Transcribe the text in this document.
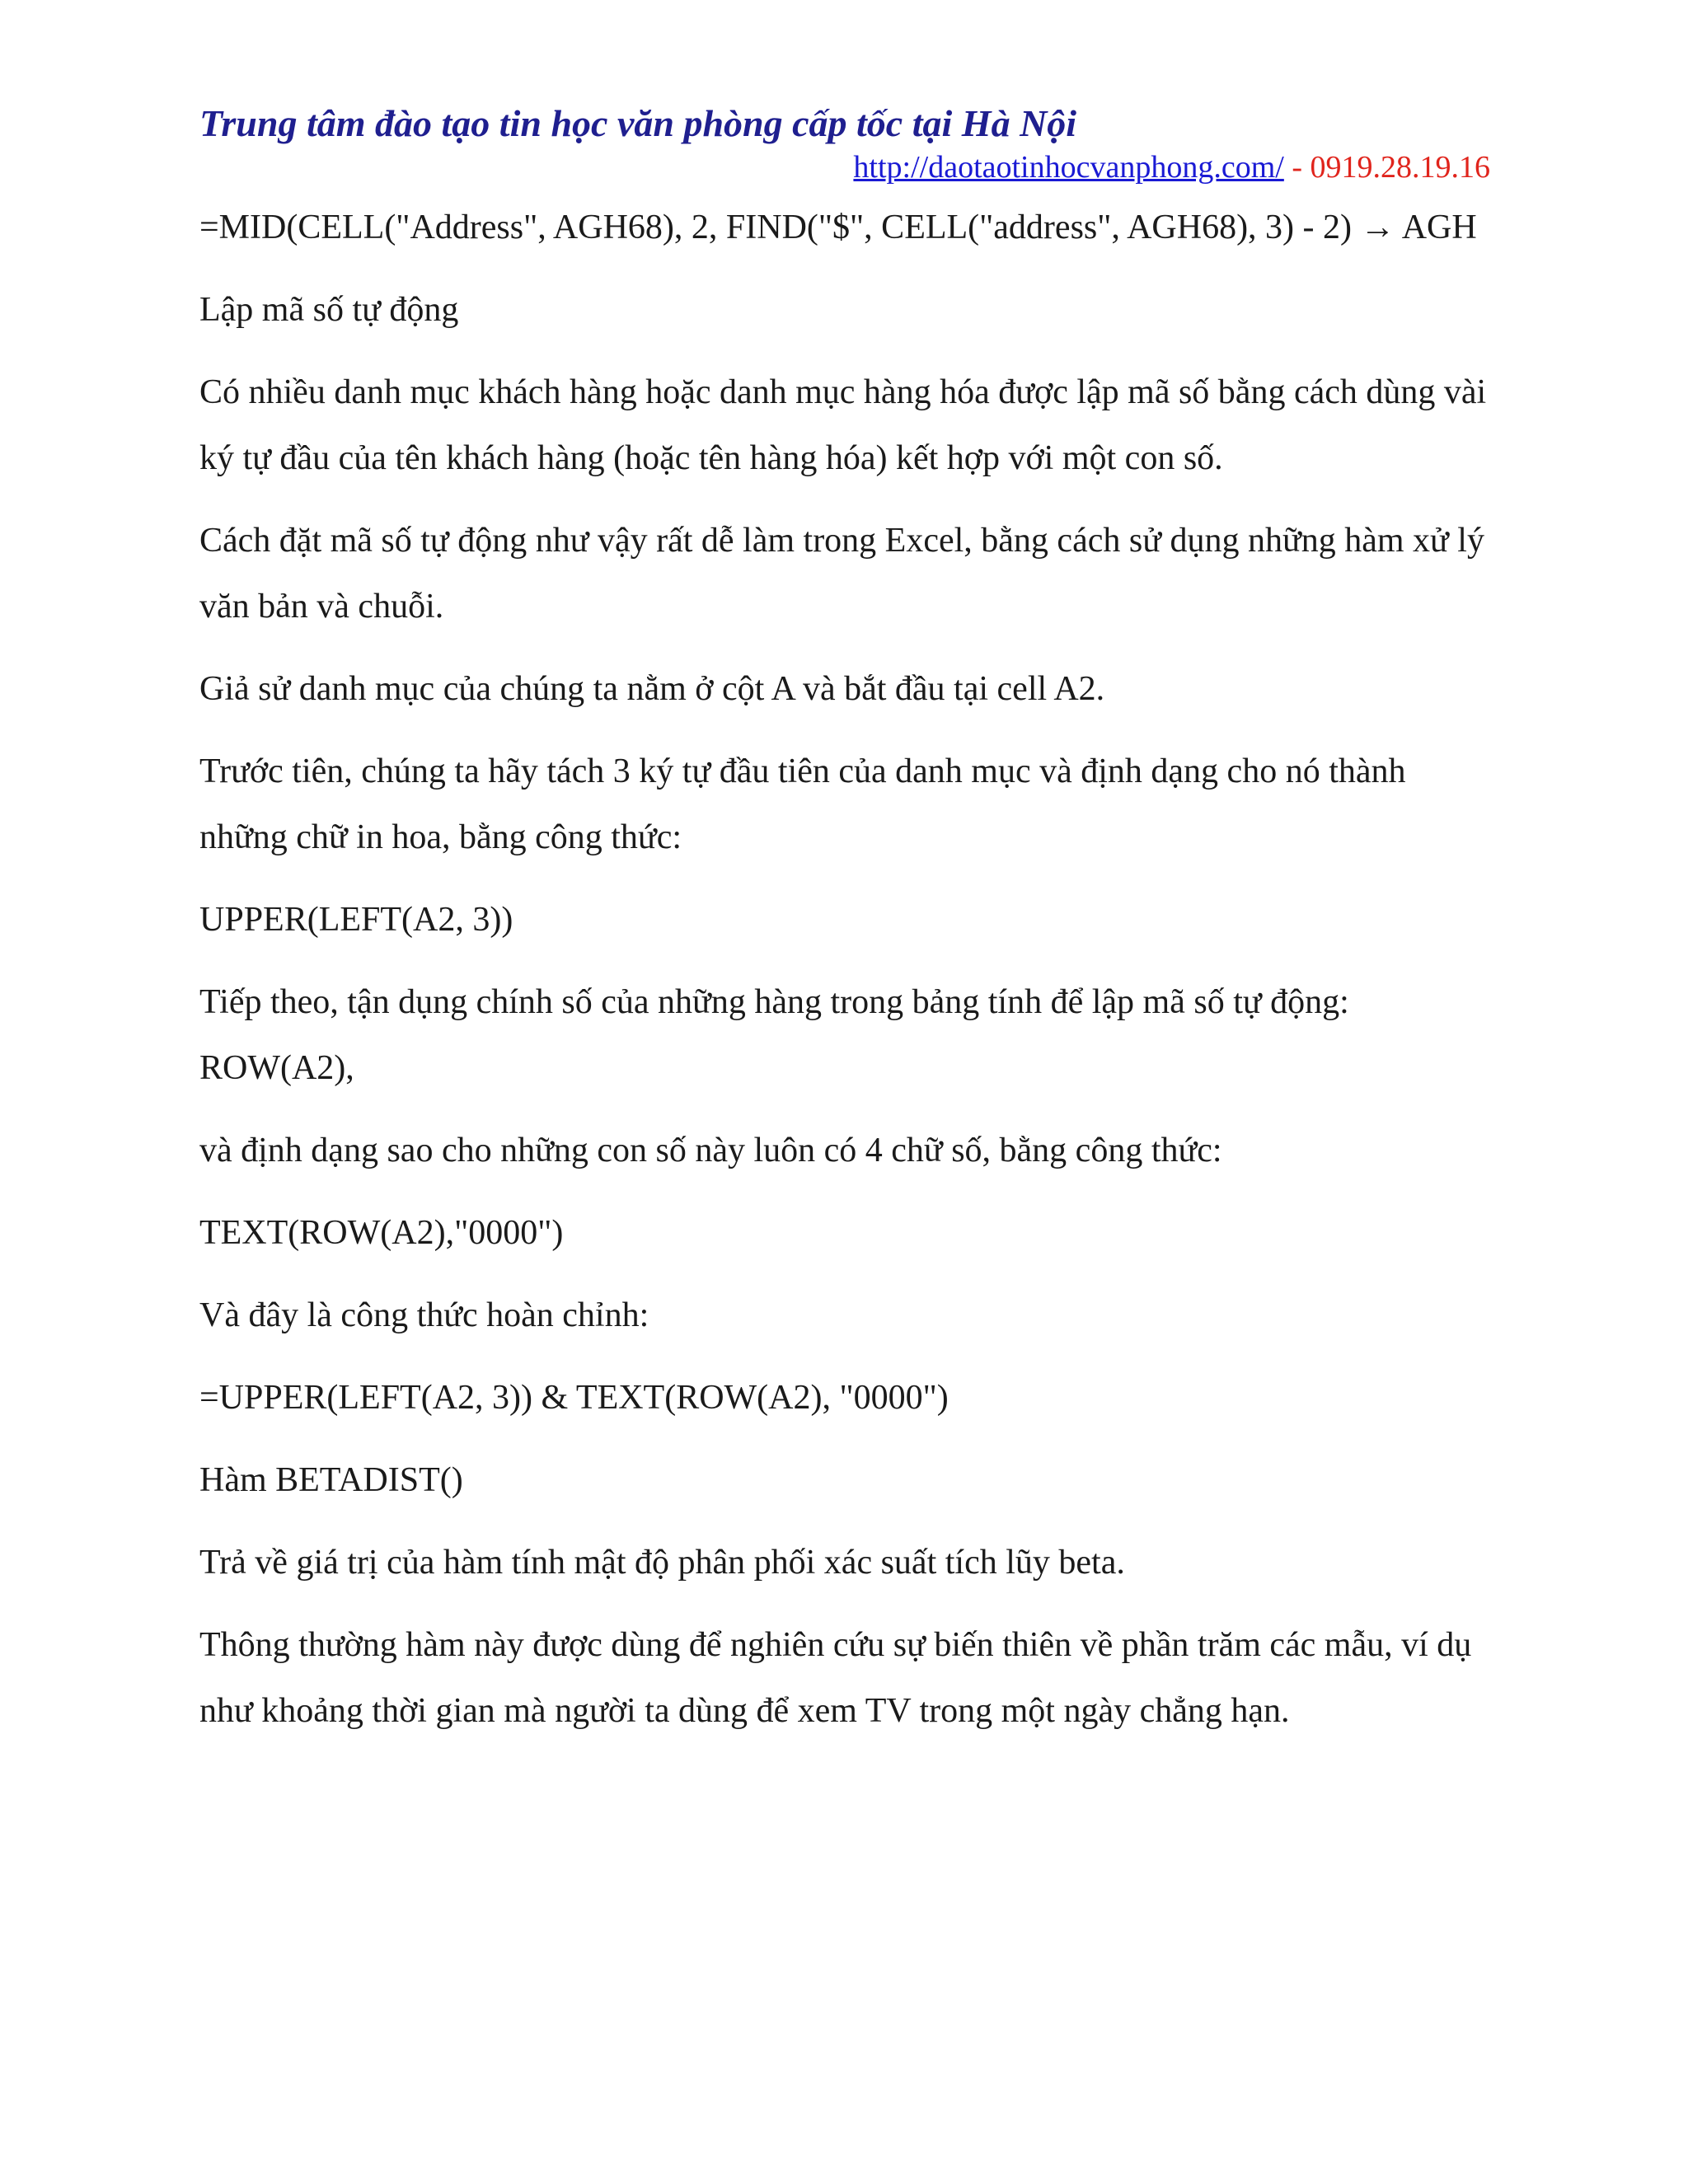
Trung tâm đào tạo tin học văn phòng cấp tốc tại Hà Nội
http://daotaotinhocvanphong.com/ - 0919.28.19.16

=MID(CELL("Address", AGH68), 2, FIND("$", CELL("address", AGH68), 3) - 2) → AGH

Lập mã số tự động

Có nhiều danh mục khách hàng hoặc danh mục hàng hóa được lập mã số bằng cách dùng vài ký tự đầu của tên khách hàng (hoặc tên hàng hóa) kết hợp với một con số.

Cách đặt mã số tự động như vậy rất dễ làm trong Excel, bằng cách sử dụng những hàm xử lý văn bản và chuỗi.

Giả sử danh mục của chúng ta nằm ở cột A và bắt đầu tại cell A2.

Trước tiên, chúng ta hãy tách 3 ký tự đầu tiên của danh mục và định dạng cho nó thành những chữ in hoa, bằng công thức:

UPPER(LEFT(A2, 3))

Tiếp theo, tận dụng chính số của những hàng trong bảng tính để lập mã số tự động: ROW(A2),

và định dạng sao cho những con số này luôn có 4 chữ số, bằng công thức:

TEXT(ROW(A2),"0000")

Và đây là công thức hoàn chỉnh:

=UPPER(LEFT(A2, 3)) & TEXT(ROW(A2), "0000")

Hàm BETADIST()

Trả về giá trị của hàm tính mật độ phân phối xác suất tích lũy beta.

Thông thường hàm này được dùng để nghiên cứu sự biến thiên về phần trăm các mẫu, ví dụ như khoảng thời gian mà người ta dùng để xem TV trong một ngày chẳng hạn.
